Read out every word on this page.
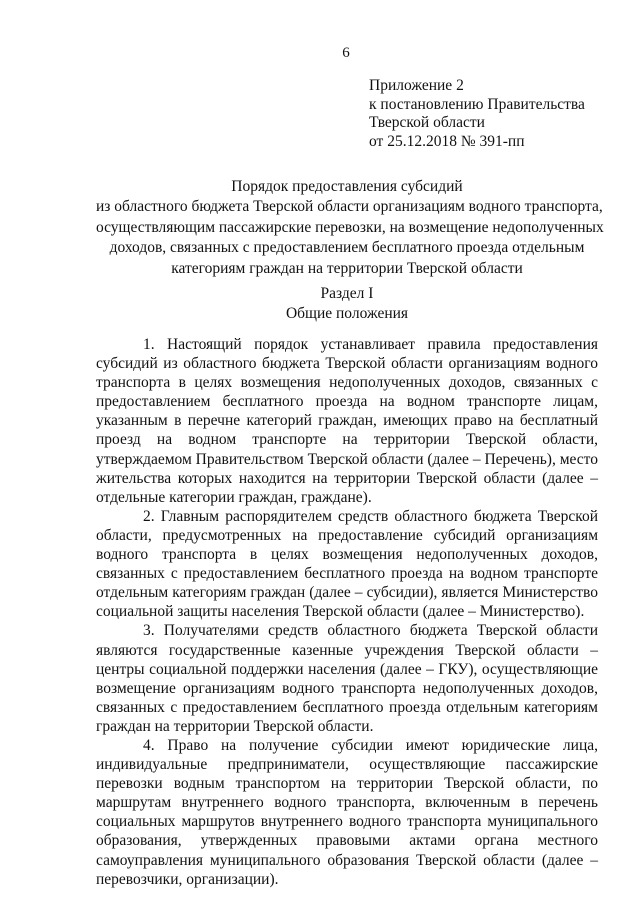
6
Приложение 2
к постановлению Правительства
Тверской области
от 25.12.2018 № 391-пп
Порядок предоставления субсидий
из областного бюджета Тверской области организациям водного транспорта,
осуществляющим пассажирские перевозки, на возмещение недополученных
доходов, связанных с предоставлением бесплатного проезда отдельным
категориям граждан на территории Тверской области
Раздел I
Общие положения

1. Настоящий порядок устанавливает правила предоставления субсидий из областного бюджета Тверской области организациям водного транспорта в целях возмещения недополученных доходов, связанных с предоставлением бесплатного проезда на водном транспорте лицам, указанным в перечне категорий граждан, имеющих право на бесплатный проезд на водном транспорте на территории Тверской области, утверждаемом Правительством Тверской области (далее – Перечень), место жительства которых находится на территории Тверской области (далее – отдельные категории граждан, граждане).

2. Главным распорядителем средств областного бюджета Тверской области, предусмотренных на предоставление субсидий организациям водного транспорта в целях возмещения недополученных доходов, связанных с предоставлением бесплатного проезда на водном транспорте отдельным категориям граждан (далее – субсидии), является Министерство социальной защиты населения Тверской области (далее – Министерство).

3. Получателями средств областного бюджета Тверской области являются государственные казенные учреждения Тверской области – центры социальной поддержки населения (далее – ГКУ), осуществляющие возмещение организациям водного транспорта недополученных доходов, связанных с предоставлением бесплатного проезда отдельным категориям граждан на территории Тверской области.

4. Право на получение субсидии имеют юридические лица, индивидуальные предприниматели, осуществляющие пассажирские перевозки водным транспортом на территории Тверской области, по маршрутам внутреннего водного транспорта, включенным в перечень социальных маршрутов внутреннего водного транспорта муниципального образования, утвержденных правовыми актами органа местного самоуправления муниципального образования Тверской области (далее – перевозчики, организации).
